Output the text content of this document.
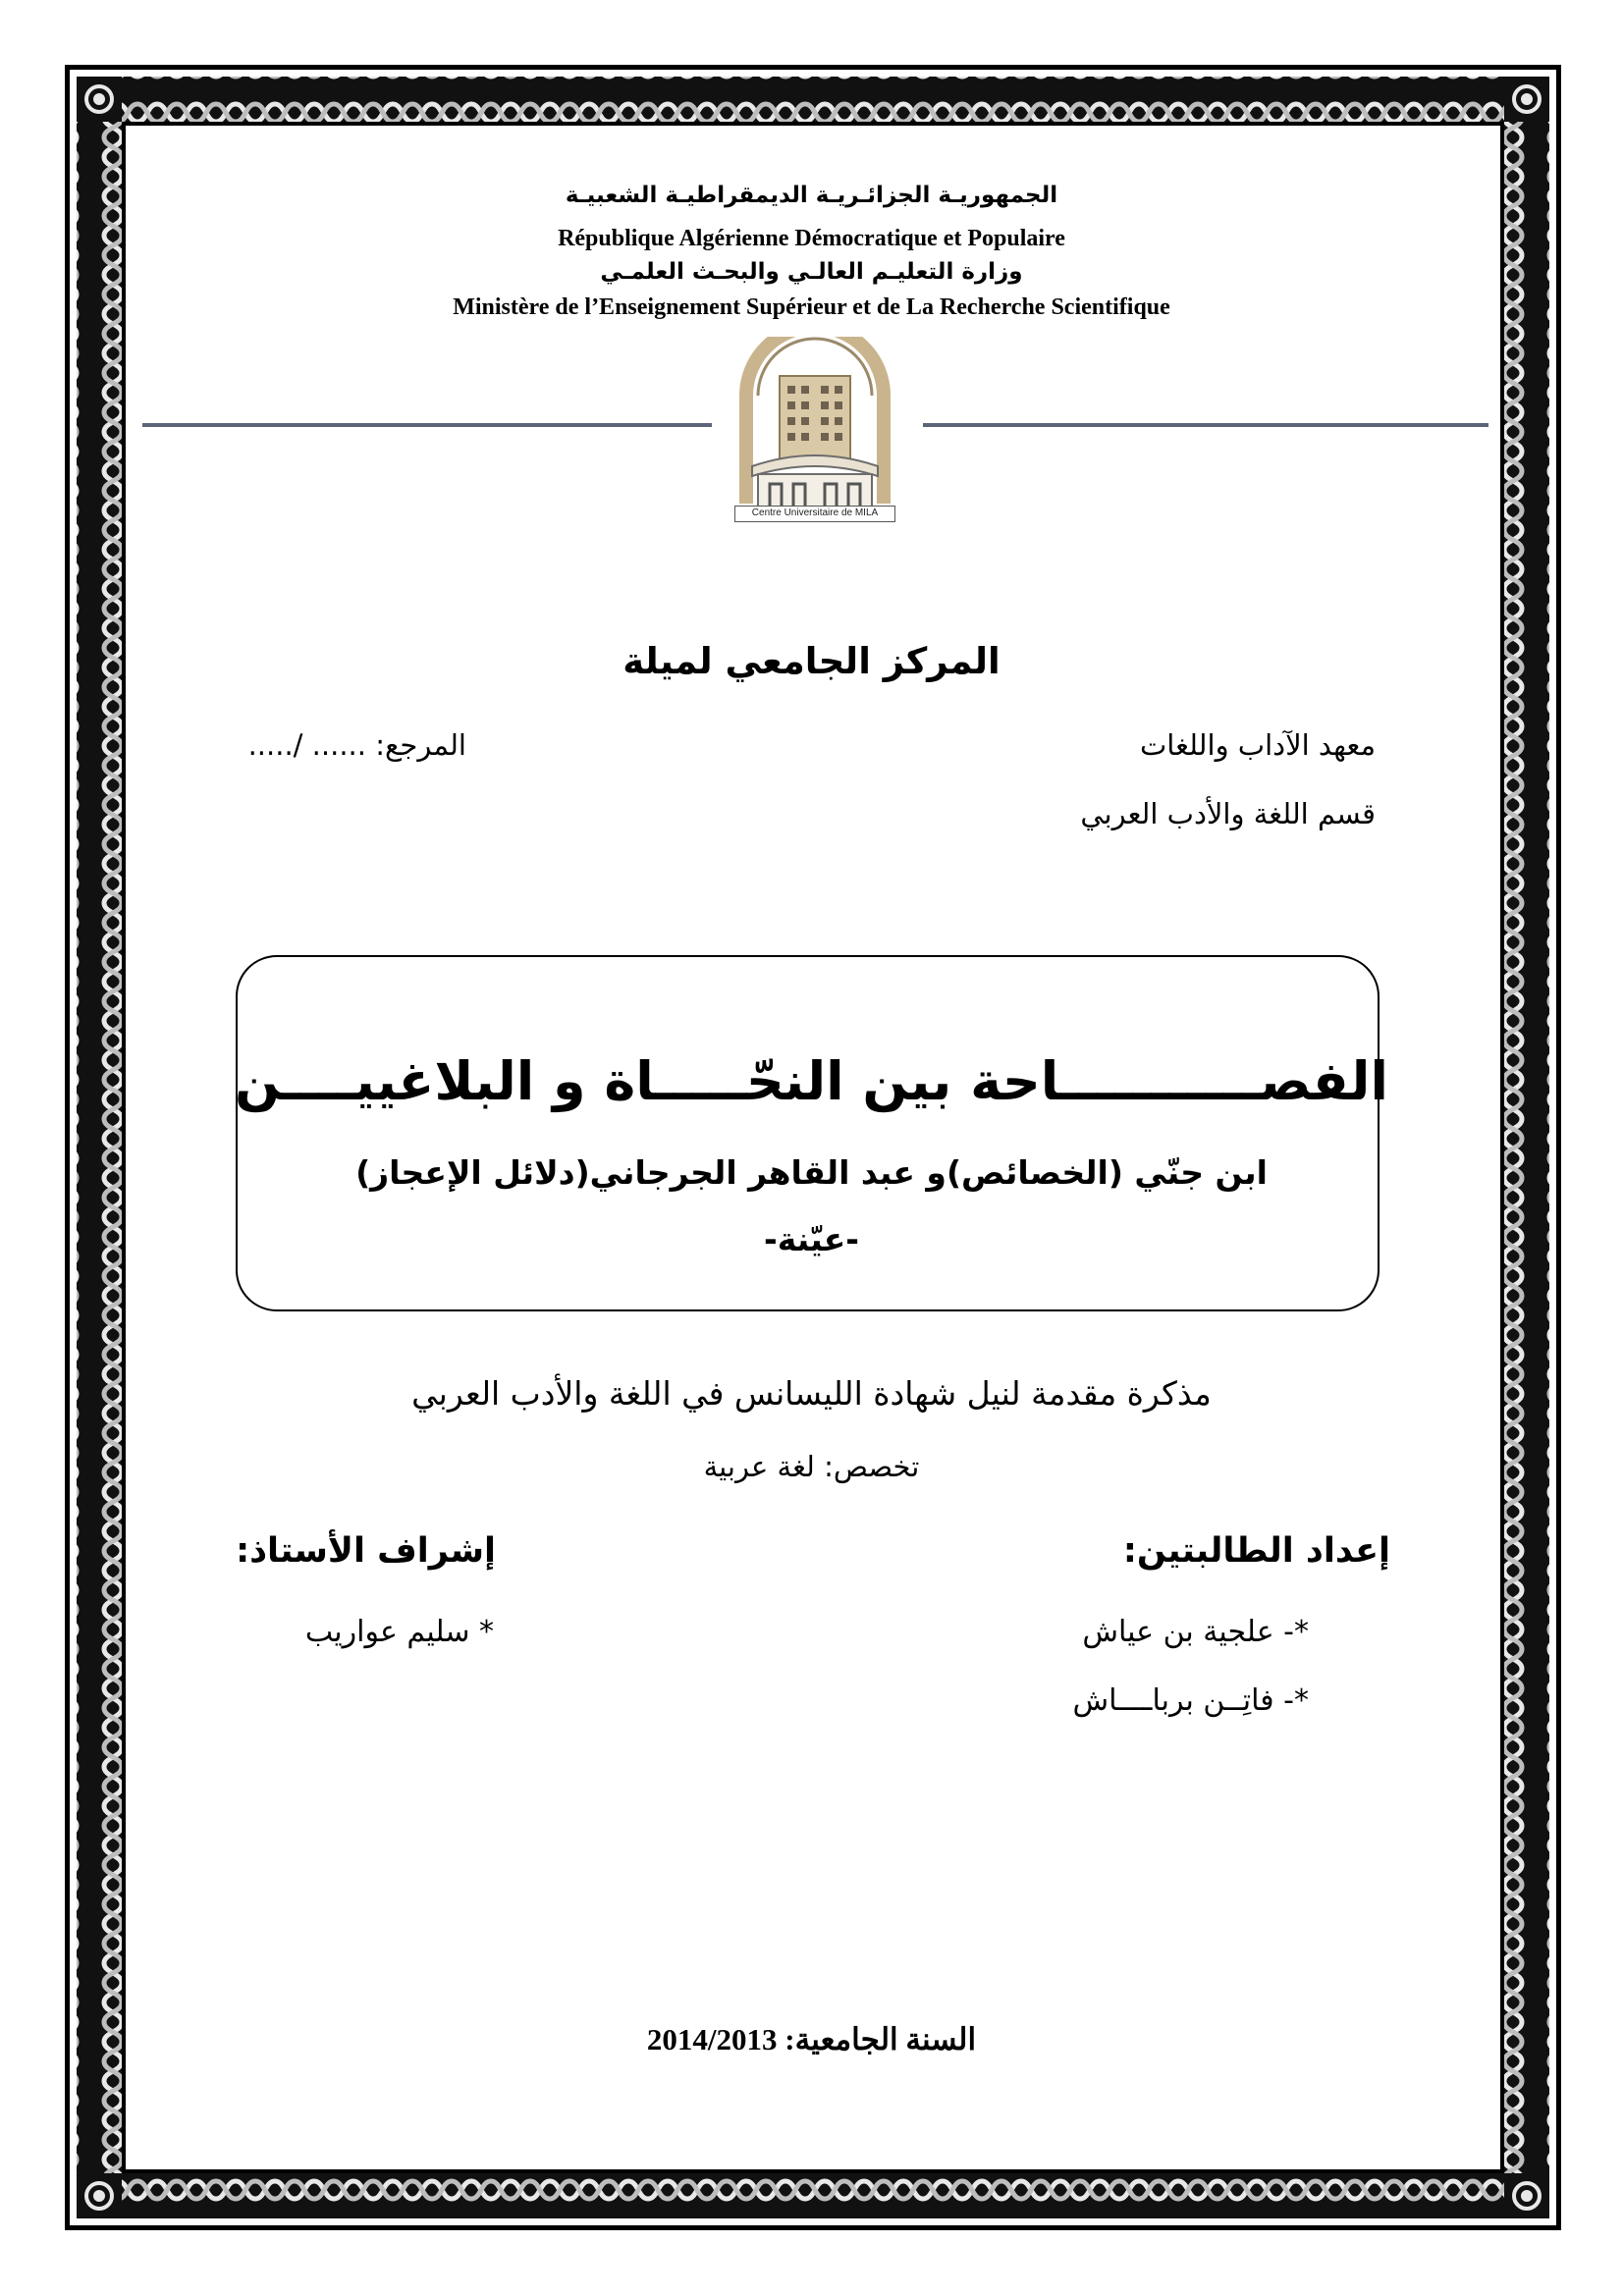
الجمهوريـة الجزائـريـة الديمقراطيـة الشعبيـة
République Algérienne Démocratique et Populaire
وزارة التعليـم العالـي والبحـث العلمـي
Ministère de l’Enseignement Supérieur et de La Recherche Scientifique
Centre Universitaire de MILA
المركز الجامعي لميلة
معهد الآداب واللغات
المرجع: ...... /.....
قسم اللغة والأدب العربي
الفصـــــــــــاحة بين النحّـــــاة و البلاغييــــن
ابن جنّي (الخصائص)و عبد القاهر الجرجاني(دلائل الإعجاز)
-عيّنة-
مذكرة مقدمة لنيل شهادة الليسانس في اللغة والأدب العربي
تخصص: لغة عربية
إعداد الطالبتين:
إشراف الأستاذ:
*- علجية بن عياش
* سليم عواريب
*- فاتِــن برباــــاش
السنة الجامعية: 2014/2013
